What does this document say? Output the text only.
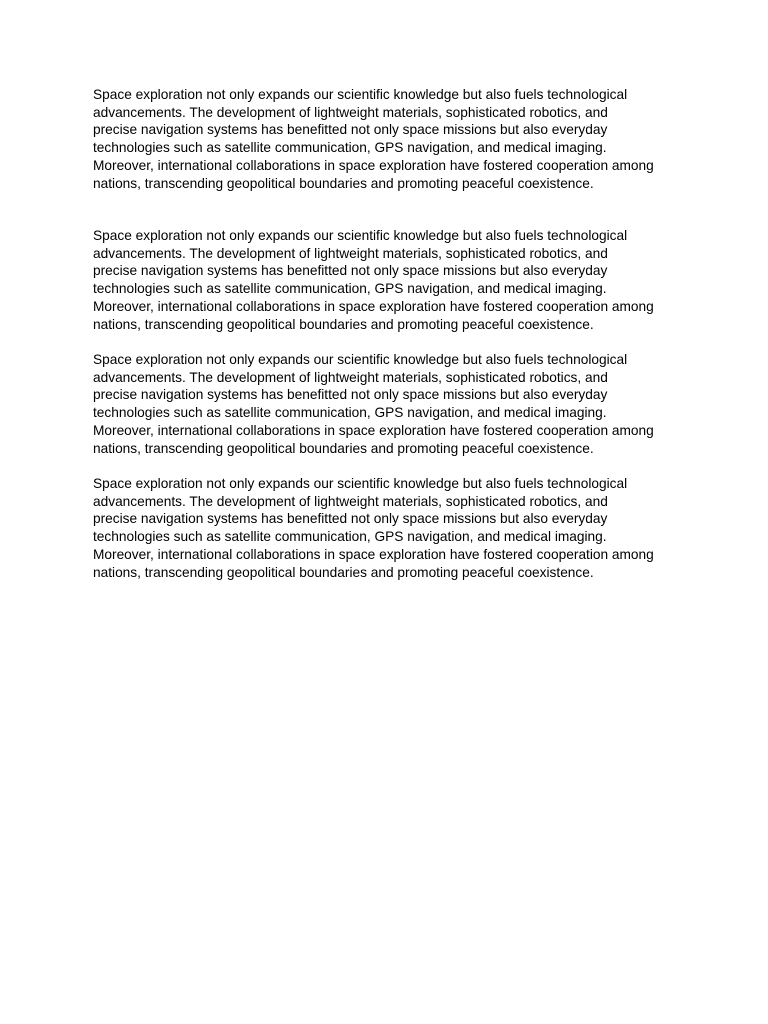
Space exploration not only expands our scientific knowledge but also fuels technological
advancements. The development of lightweight materials, sophisticated robotics, and
precise navigation systems has benefitted not only space missions but also everyday
technologies such as satellite communication, GPS navigation, and medical imaging.
Moreover, international collaborations in space exploration have fostered cooperation among
nations, transcending geopolitical boundaries and promoting peaceful coexistence.

Space exploration not only expands our scientific knowledge but also fuels technological
advancements. The development of lightweight materials, sophisticated robotics, and
precise navigation systems has benefitted not only space missions but also everyday
technologies such as satellite communication, GPS navigation, and medical imaging.
Moreover, international collaborations in space exploration have fostered cooperation among
nations, transcending geopolitical boundaries and promoting peaceful coexistence.

Space exploration not only expands our scientific knowledge but also fuels technological
advancements. The development of lightweight materials, sophisticated robotics, and
precise navigation systems has benefitted not only space missions but also everyday
technologies such as satellite communication, GPS navigation, and medical imaging.
Moreover, international collaborations in space exploration have fostered cooperation among
nations, transcending geopolitical boundaries and promoting peaceful coexistence.

Space exploration not only expands our scientific knowledge but also fuels technological
advancements. The development of lightweight materials, sophisticated robotics, and
precise navigation systems has benefitted not only space missions but also everyday
technologies such as satellite communication, GPS navigation, and medical imaging.
Moreover, international collaborations in space exploration have fostered cooperation among
nations, transcending geopolitical boundaries and promoting peaceful coexistence.
